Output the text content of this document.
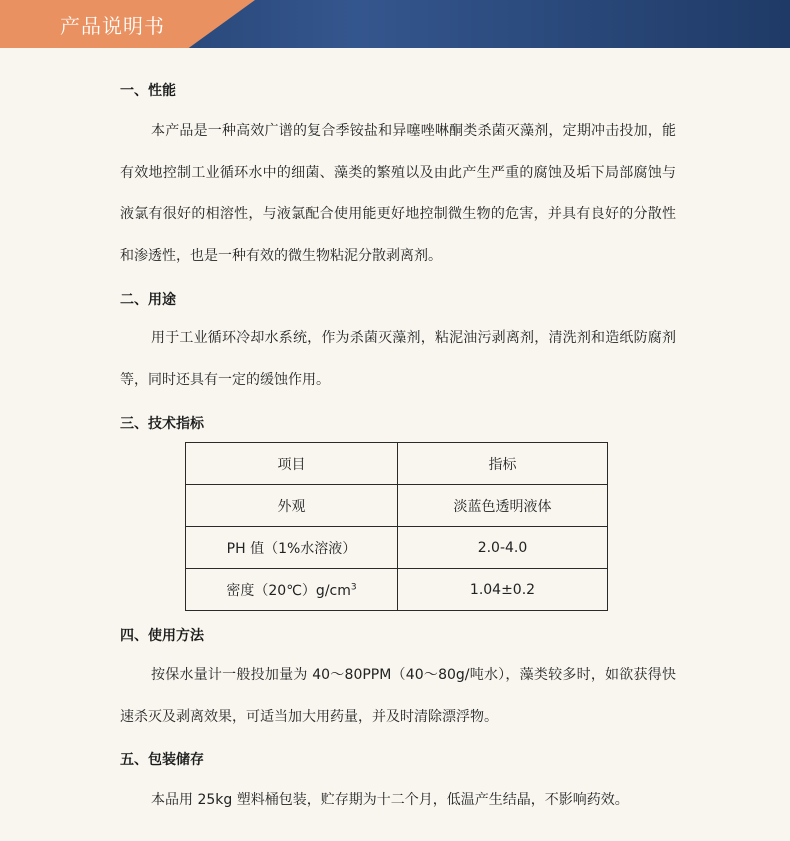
产品说明书
一、性能

本产品是一种高效广谱的复合季铵盐和异噻唑啉酮类杀菌灭藻剂，定期冲击投加，能有效地控制工业循环水中的细菌、藻类的繁殖以及由此产生严重的腐蚀及垢下局部腐蚀与液氯有很好的相溶性，与液氯配合使用能更好地控制微生物的危害，并具有良好的分散性和渗透性，也是一种有效的微生物粘泥分散剥离剂。

二、用途

用于工业循环冷却水系统，作为杀菌灭藻剂，粘泥油污剥离剂，清洗剂和造纸防腐剂等，同时还具有一定的缓蚀作用。

三、技术指标
项目	指标
外观	淡蓝色透明液体
PH 值（1%水溶液）	2.0-4.0
密度$(20℃)g/cm^3$	1.04±0.2
四、使用方法

按保水量计一般投加量为 40～80PPM（40～80g/吨水），藻类较多时，如欲获得快速杀灭及剥离效果，可适当加大用药量，并及时清除漂浮物。

五、包装储存

本品用 25kg 塑料桶包装，贮存期为十二个月，低温产生结晶，不影响药效。
